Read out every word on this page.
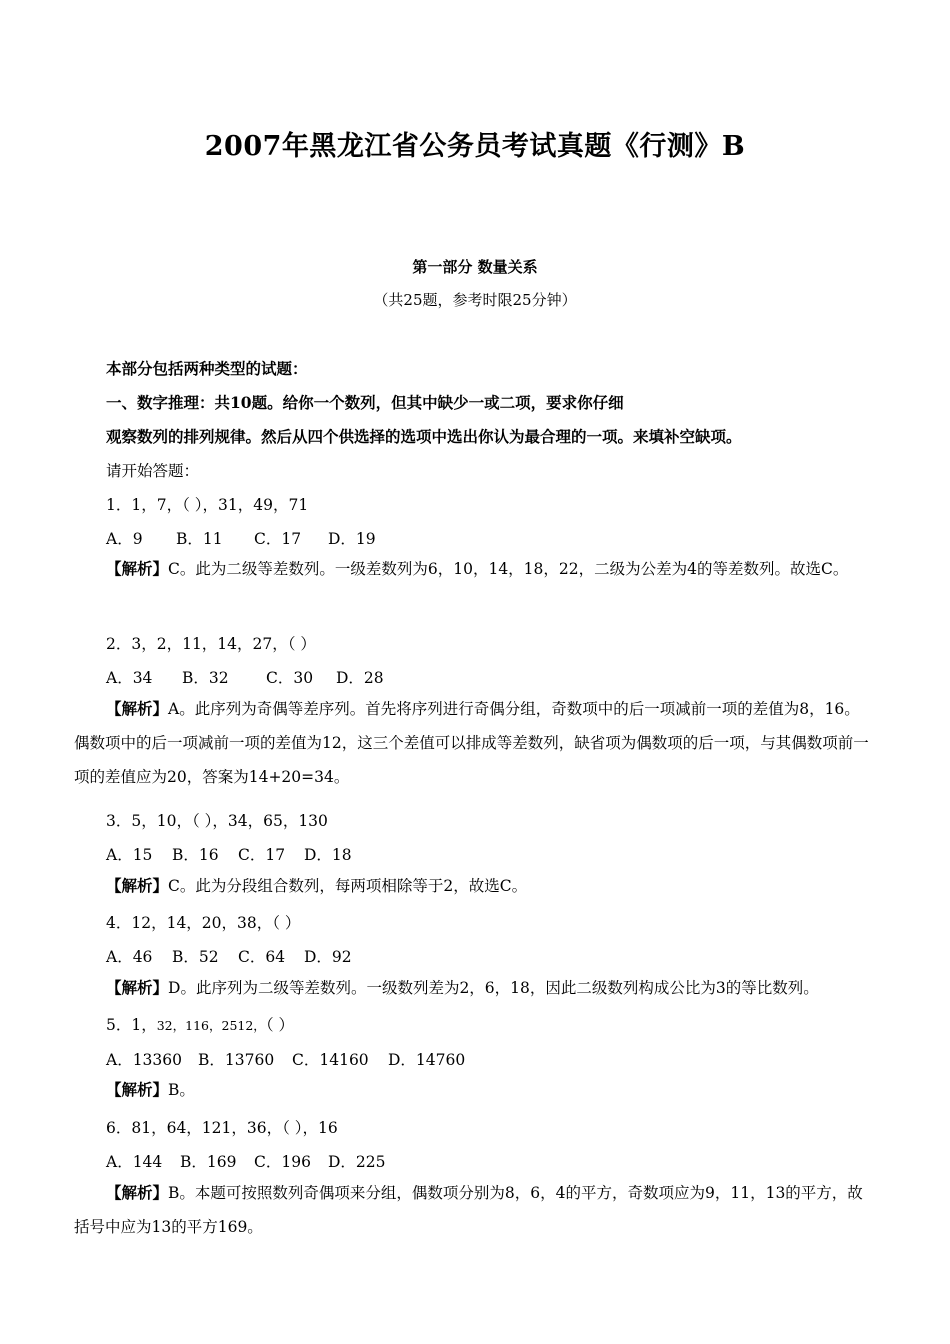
2007年黑龙江省公务员考试真题《行测》B
第一部分 数量关系
（共25题，参考时限25分钟）
本部分包括两种类型的试题：
一、数字推理：共10题。给你一个数列，但其中缺少一或二项，要求你仔细
观察数列的排列规律。然后从四个供选择的选项中选出你认为最合理的一项。来填补空缺项。
请开始答题：
1．1，7，（ ），31，49，71
A．9 B．11 C．17 D．19
【解析】C。此为二级等差数列。一级差数列为6，10，14，18，22，二级为公差为4的等差数列。故选C。
2．3，2，11，14，27，（ ）
A．34 B．32 C．30 D．28
【解析】A。此序列为奇偶等差序列。首先将序列进行奇偶分组，奇数项中的后一项减前一项的差值为8，16。偶数项中的后一项减前一项的差值为12，这三个差值可以排成等差数列，缺省项为偶数项的后一项，与其偶数项前一项的差值应为20，答案为14+20=34。
3．5，10，（ ），34，65，130
A．15 B．16 C．17 D．18
【解析】C。此为分段组合数列，每两项相除等于2，故选C。
4．12，14，20，38，（ ）
A．46 B．52 C．64 D．92
【解析】D。此序列为二级等差数列。一级数列差为2，6，18，因此二级数列构成公比为3的等比数列。
5．1，32，116，2512，（ ）
A．13360 B．13760 C．14160 D．14760
【解析】B。
6．81，64，121，36，（ ），16
A．144 B．169 C．196 D．225
【解析】B。本题可按照数列奇偶项来分组，偶数项分别为8，6，4的平方，奇数项应为9，11，13的平方，故括号中应为13的平方169。
